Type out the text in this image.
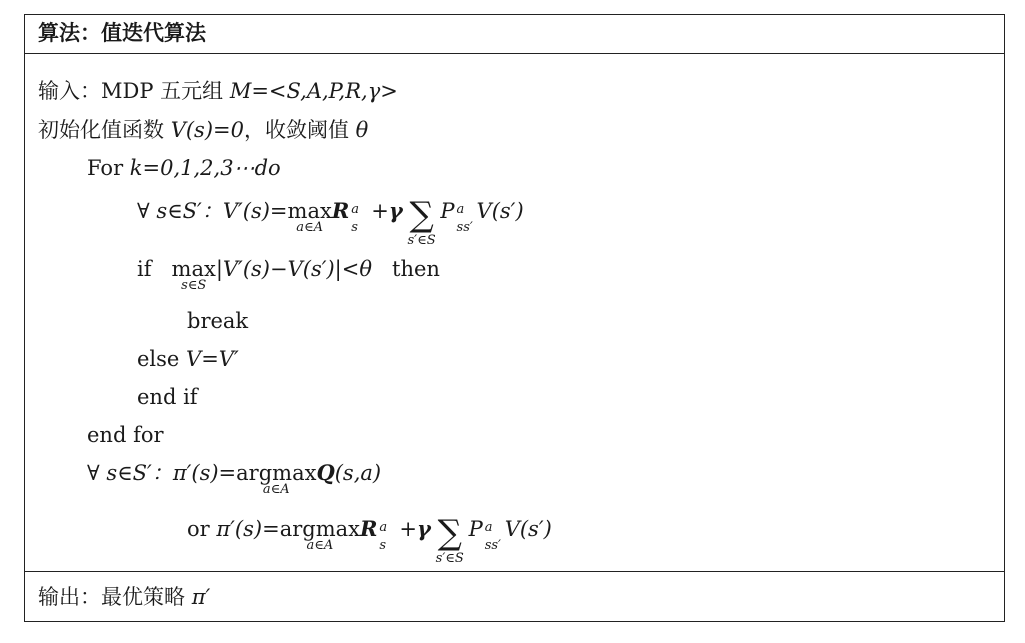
算法：值迭代算法
输入：MDP 五元组 M=<S,A,P,R,γ>
初始化值函数 V(s)=0，收敛阈值 θ
For k=0,1,2,3⋯do
∀ s∈S′：V′(s)=max
a∈A
R a
s
+γ ∑
s′∈S
P a
ss′
V(s′)
if max
s∈S
|V′(s)−V(s′)|<θ then
break
else V=V′
end if
end for
∀ s∈S′：π′(s)=argmax
a∈A
Q(s,a)
or π′(s)=argmax
a∈A
R a
s
+γ ∑
s′∈S
P a
ss′
V(s′)
输出：最优策略 π′
